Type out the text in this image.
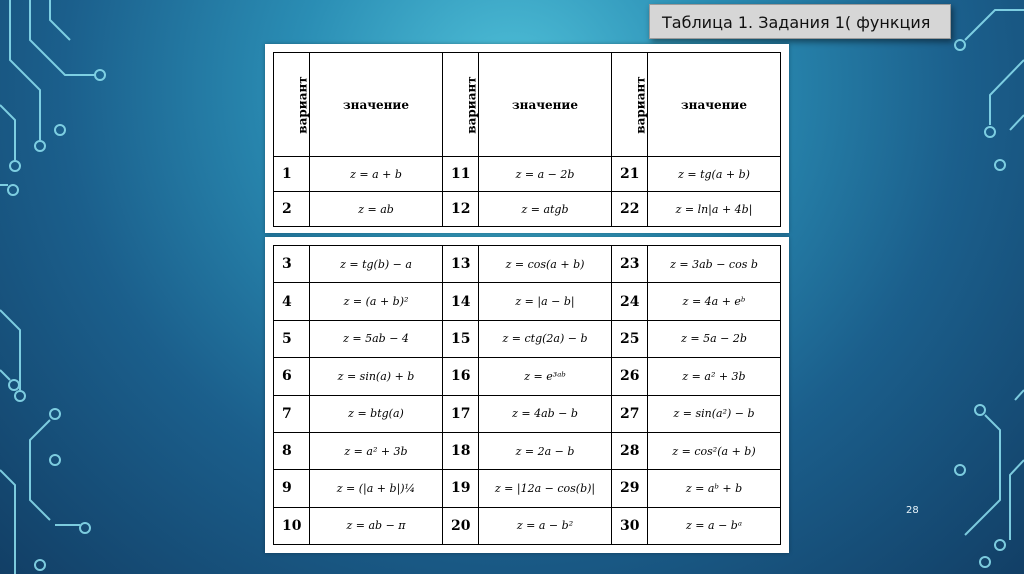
Таблица 1. Задания 1( функция
вариант	значение	вариант	значение	вариант	значение
1	z = a + b	11	z = a − 2b	21	z = tg(a + b)
2	z = ab	12	z = atgb	22	z = ln|a + 4b|
3	z = tg(b) − a	13	z = cos(a + b)	23	z = 3ab − cos b
4	z = (a + b)²	14	z = |a − b|	24	z = 4a + eᵇ
5	z = 5ab − 4	15	z = ctg(2a) − b	25	z = 5a − 2b
6	z = sin(a) + b	16	z = e³ᵃᵇ	26	z = a² + 3b
7	z = btg(a)	17	z = 4ab − b	27	z = sin(a²) − b
8	z = a² + 3b	18	z = 2a − b	28	z = cos²(a + b)
9	z = (|a + b|)¼	19	z = |12a − cos(b)|	29	z = aᵇ + b
10	z = ab − π	20	z = a − b²	30	z = a − bᵃ
28
